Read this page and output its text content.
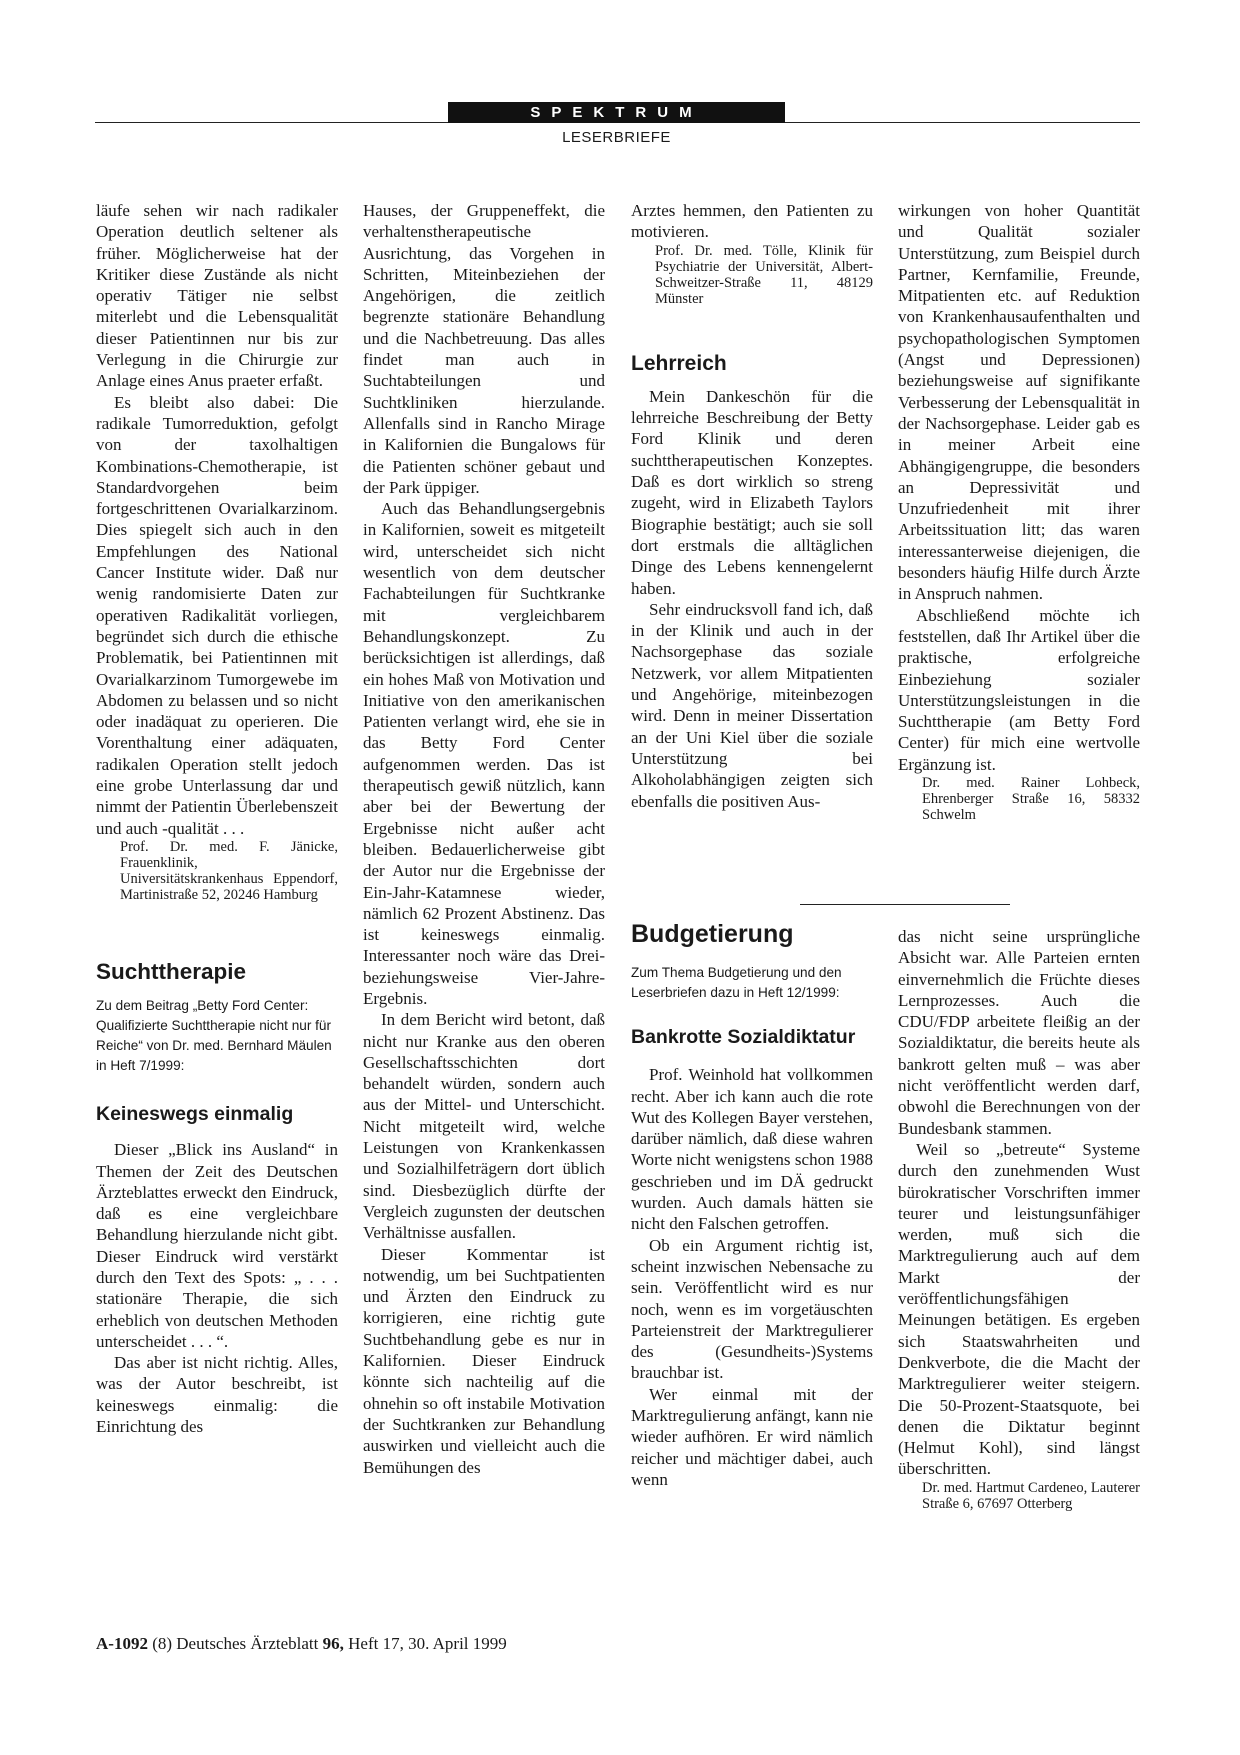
SPEKTRUM
LESERBRIEFE

läufe sehen wir nach radikaler Operation deutlich seltener als früher. Möglicherweise hat der Kritiker diese Zustände als nicht operativ Tätiger nie selbst miterlebt und die Lebensqualität dieser Patientinnen nur bis zur Verlegung in die Chirurgie zur Anlage eines Anus praeter erfaßt.

Es bleibt also dabei: Die radikale Tumorreduktion, gefolgt von der taxolhaltigen Kombinations-Chemotherapie, ist Standardvorgehen beim fortgeschrittenen Ovarialkarzinom. Dies spiegelt sich auch in den Empfehlungen des National Cancer Institute wider. Daß nur wenig randomisierte Daten zur operativen Radikalität vorliegen, begründet sich durch die ethische Problematik, bei Patientinnen mit Ovarialkarzinom Tumorgewebe im Abdomen zu belassen und so nicht oder inadäquat zu operieren. Die Vorenthaltung einer adäquaten, radikalen Operation stellt jedoch eine grobe Unterlassung dar und nimmt der Patientin Überlebenszeit und auch -qualität . . .

Prof. Dr. med. F. Jänicke, Frauenklinik, Universitätskrankenhaus Eppendorf, Martinistraße 52, 20246 Hamburg

Suchttherapie
Zu dem Beitrag „Betty Ford Center: Qualifizierte Suchttherapie nicht nur für Reiche“ von Dr. med. Bernhard Mäulen in Heft 7/1999:
Keineswegs einmalig

Dieser „Blick ins Ausland“ in Themen der Zeit des Deutschen Ärzteblattes erweckt den Eindruck, daß es eine vergleichbare Behandlung hierzulande nicht gibt. Dieser Eindruck wird verstärkt durch den Text des Spots: „ . . . stationäre Therapie, die sich erheblich von deutschen Methoden unterscheidet . . . “.

Das aber ist nicht richtig. Alles, was der Autor beschreibt, ist keineswegs einmalig: die Einrichtung des

Hauses, der Gruppeneffekt, die verhaltenstherapeutische Ausrichtung, das Vorgehen in Schritten, Miteinbeziehen der Angehörigen, die zeitlich begrenzte stationäre Behandlung und die Nachbetreuung. Das alles findet man auch in Suchtabteilungen und Suchtkliniken hierzulande. Allenfalls sind in Rancho Mirage in Kalifornien die Bungalows für die Patienten schöner gebaut und der Park üppiger.

Auch das Behandlungsergebnis in Kalifornien, soweit es mitgeteilt wird, unterscheidet sich nicht wesentlich von dem deutscher Fachabteilungen für Suchtkranke mit vergleichbarem Behandlungskonzept. Zu berücksichtigen ist allerdings, daß ein hohes Maß von Motivation und Initiative von den amerikanischen Patienten verlangt wird, ehe sie in das Betty Ford Center aufgenommen werden. Das ist therapeutisch gewiß nützlich, kann aber bei der Bewertung der Ergebnisse nicht außer acht bleiben. Bedauerlicherweise gibt der Autor nur die Ergebnisse der Ein-Jahr-Katamnese wieder, nämlich 62 Prozent Abstinenz. Das ist keineswegs einmalig. Interessanter noch wäre das Drei- beziehungsweise Vier-Jahre-Ergebnis.

In dem Bericht wird betont, daß nicht nur Kranke aus den oberen Gesellschaftsschichten dort behandelt würden, sondern auch aus der Mittel- und Unterschicht. Nicht mitgeteilt wird, welche Leistungen von Krankenkassen und Sozialhilfeträgern dort üblich sind. Diesbezüglich dürfte der Vergleich zugunsten der deutschen Verhältnisse ausfallen.

Dieser Kommentar ist notwendig, um bei Suchtpatienten und Ärzten den Eindruck zu korrigieren, eine richtig gute Suchtbehandlung gebe es nur in Kalifornien. Dieser Eindruck könnte sich nachteilig auf die ohnehin so oft instabile Motivation der Suchtkranken zur Behandlung auswirken und vielleicht auch die Bemühungen des

Arztes hemmen, den Patienten zu motivieren.

Prof. Dr. med. Tölle, Klinik für Psychiatrie der Universität, Albert-Schweitzer-Straße 11, 48129 Münster

Lehrreich

Mein Dankeschön für die lehrreiche Beschreibung der Betty Ford Klinik und deren suchttherapeutischen Konzeptes. Daß es dort wirklich so streng zugeht, wird in Elizabeth Taylors Biographie bestätigt; auch sie soll dort erstmals die alltäglichen Dinge des Lebens kennengelernt haben.

Sehr eindrucksvoll fand ich, daß in der Klinik und auch in der Nachsorgephase das soziale Netzwerk, vor allem Mitpatienten und Angehörige, miteinbezogen wird. Denn in meiner Dissertation an der Uni Kiel über die soziale Unterstützung bei Alkoholabhängigen zeigten sich ebenfalls die positiven Aus-

wirkungen von hoher Quantität und Qualität sozialer Unterstützung, zum Beispiel durch Partner, Kernfamilie, Freunde, Mitpatienten etc. auf Reduktion von Krankenhausaufenthalten und psychopathologischen Symptomen (Angst und Depressionen) beziehungsweise auf signifikante Verbesserung der Lebensqualität in der Nachsorgephase. Leider gab es in meiner Arbeit eine Abhängigengruppe, die besonders an Depressivität und Unzufriedenheit mit ihrer Arbeitssituation litt; das waren interessanterweise diejenigen, die besonders häufig Hilfe durch Ärzte in Anspruch nahmen.

Abschließend möchte ich feststellen, daß Ihr Artikel über die praktische, erfolgreiche Einbeziehung sozialer Unterstützungsleistungen in die Suchttherapie (am Betty Ford Center) für mich eine wertvolle Ergänzung ist.

Dr. med. Rainer Lohbeck, Ehrenberger Straße 16, 58332 Schwelm

Budgetierung
Zum Thema Budgetierung und den Leserbriefen dazu in Heft 12/1999:
Bankrotte Sozialdiktatur

Prof. Weinhold hat vollkommen recht. Aber ich kann auch die rote Wut des Kollegen Bayer verstehen, darüber nämlich, daß diese wahren Worte nicht wenigstens schon 1988 geschrieben und im DÄ gedruckt wurden. Auch damals hätten sie nicht den Falschen getroffen.

Ob ein Argument richtig ist, scheint inzwischen Nebensache zu sein. Veröffentlicht wird es nur noch, wenn es im vorgetäuschten Parteienstreit der Marktregulierer des (Gesundheits-)Systems brauchbar ist.

Wer einmal mit der Marktregulierung anfängt, kann nie wieder aufhören. Er wird nämlich reicher und mächtiger dabei, auch wenn

das nicht seine ursprüngliche Absicht war. Alle Parteien ernten einvernehmlich die Früchte dieses Lernprozesses. Auch die CDU/FDP arbeitete fleißig an der Sozialdiktatur, die bereits heute als bankrott gelten muß – was aber nicht veröffentlicht werden darf, obwohl die Berechnungen von der Bundesbank stammen.

Weil so „betreute“ Systeme durch den zunehmenden Wust bürokratischer Vorschriften immer teurer und leistungsunfähiger werden, muß sich die Marktregulierung auch auf dem Markt der veröffentlichungsfähigen Meinungen betätigen. Es ergeben sich Staatswahrheiten und Denkverbote, die die Macht der Marktregulierer weiter steigern. Die 50-Prozent-Staatsquote, bei denen die Diktatur beginnt (Helmut Kohl), sind längst überschritten.

Dr. med. Hartmut Cardeneo, Lauterer Straße 6, 67697 Otterberg

A-1092 (8) Deutsches Ärzteblatt 96, Heft 17, 30. April 1999
